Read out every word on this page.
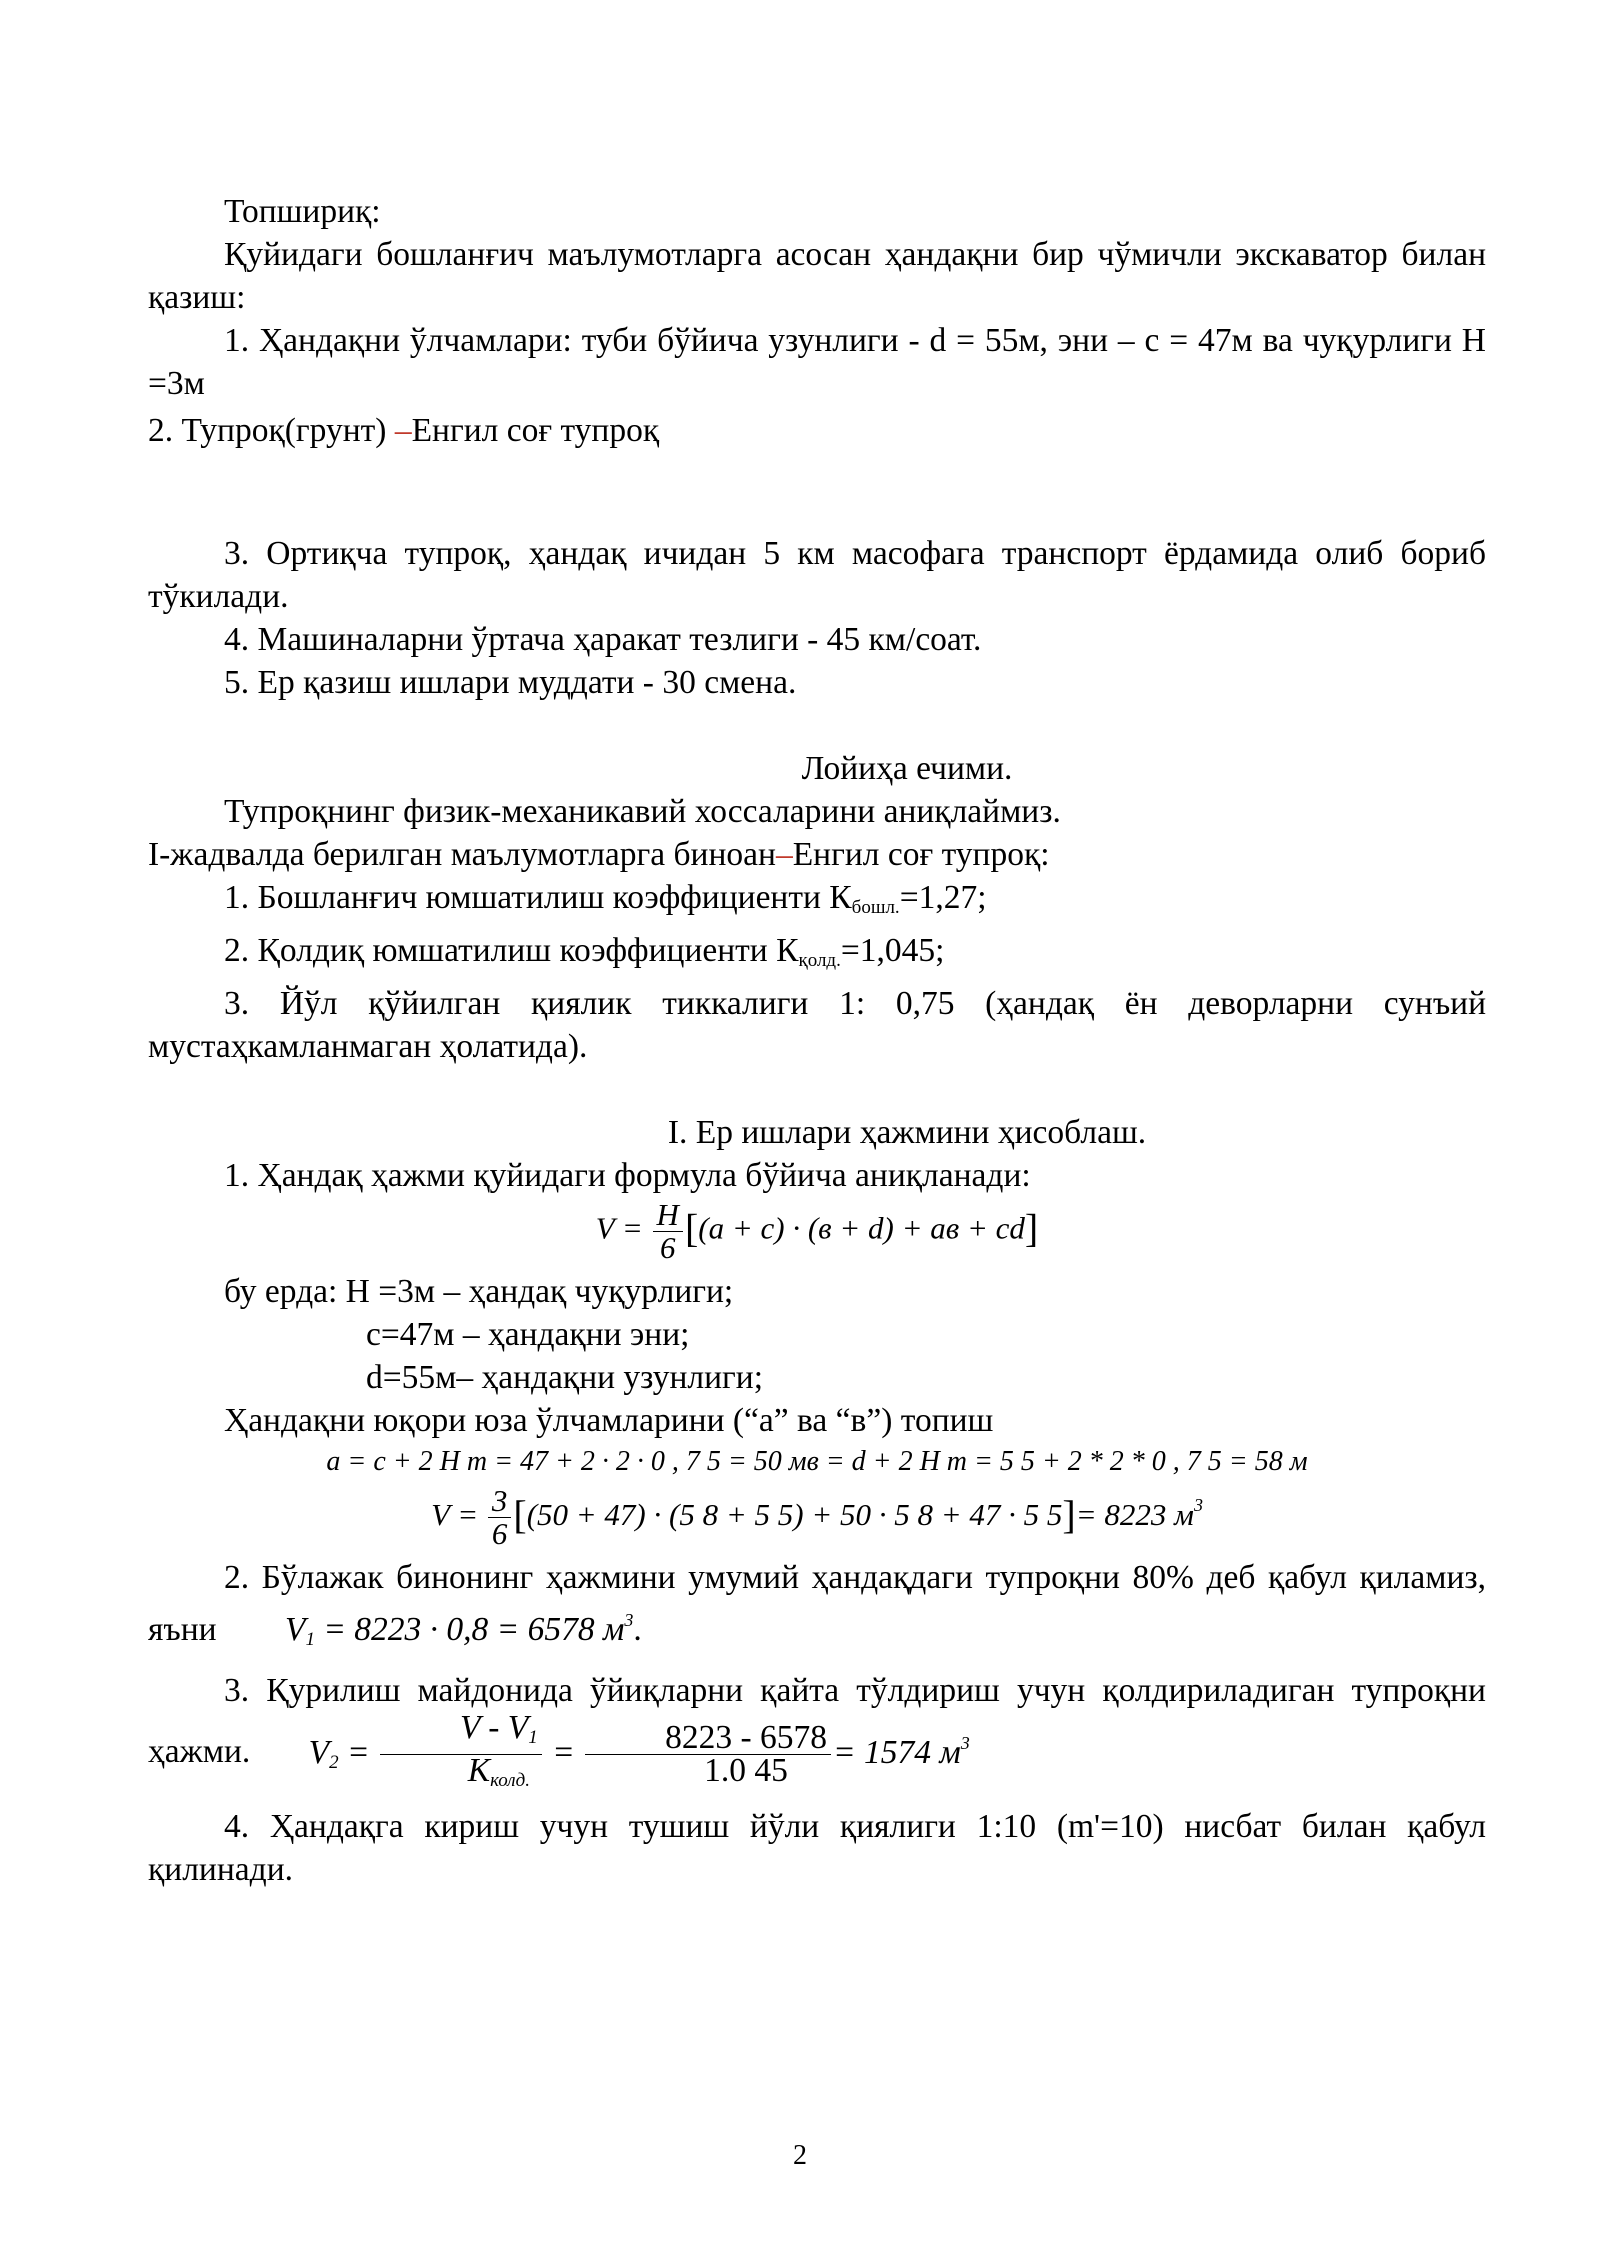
Топшириқ:

Қуйидаги бошланғич маълумотларга асосан ҳандақни бир чўмичли экскаватор билан қазиш:

1. Ҳандақни ўлчамлари: туби бўйича узунлиги - d = 55м, эни – с = 47м ва чуқурлиги Н =3м

2. Тупроқ(грунт) –Енгил соғ тупроқ

3. Ортиқча тупроқ, ҳандақ ичидан 5 км масофага транспорт ёрдамида олиб бориб тўкилади.

4. Машиналарни ўртача ҳаракат тезлиги - 45 км/соат.

5. Ер қазиш ишлари муддати - 30 смена.

Лойиҳа ечими.

Тупроқнинг физик-механикавий хоссаларини аниқлаймиз.

I-жадвалда берилган маълумотларга биноан–Енгил соғ тупроқ:

1. Бошланғич юмшатилиш коэффициенти $К_{бошл.}=1,27$;

2. Қолдиқ юмшатилиш коэффициенти $К_{қолд.}=1,045$;

3. Йўл қўйилган қиялик тиккалиги 1: 0,75 (ҳандақ ён деворларни сунъий мустаҳкамланмаган ҳолатида).

I. Ер ишлари ҳажмини ҳисоблаш.

1. Ҳандақ ҳажми қуйидаги формула бўйича аниқланади:

$V = \frac{H}{6} [(a + c) \cdot (в + d)$ + aв + cd]

бу ерда: Н =3м – ҳандақ чуқурлиги;

с=47м – ҳандақни эни;

d=55м– ҳандақни узунлиги;

Ҳандақни юқори юза ўлчамларини (“а” ва “в”) топиш

a = c + 2 H m = 47 + 2 · 2 · 0 , 7 5 = 50 мв = d + 2 H m = 5 5 + 2 * 2 * 0 , 7 5 = 58 м
$V = \frac{3}{6} [(50 + 47) \cdot (5$ 8 + 5 5) + 50 · 5 8 + 47 · 5 5]= 8223 $м^3$

2. Бўлажак бинонинг ҳажмини умумий ҳандақдаги тупроқни 80% деб қабул қиламиз, яъни $V_1 = 8223 \cdot 0,8 = 6578$ $м^3$.

3. Қурилиш майдонида ўйиқларни қайта тўлдириш учун қолдириладиган тупроқни ҳажми. $V_2 = \frac{V - V_1}{K_{колд.}} = \frac{8223 - 6578}{1.0 45} = 1574$ $м^3$

4. Ҳандақга кириш учун тушиш йўли қиялиги 1:10 (m'=10) нисбат билан қабул қилинади.

2
